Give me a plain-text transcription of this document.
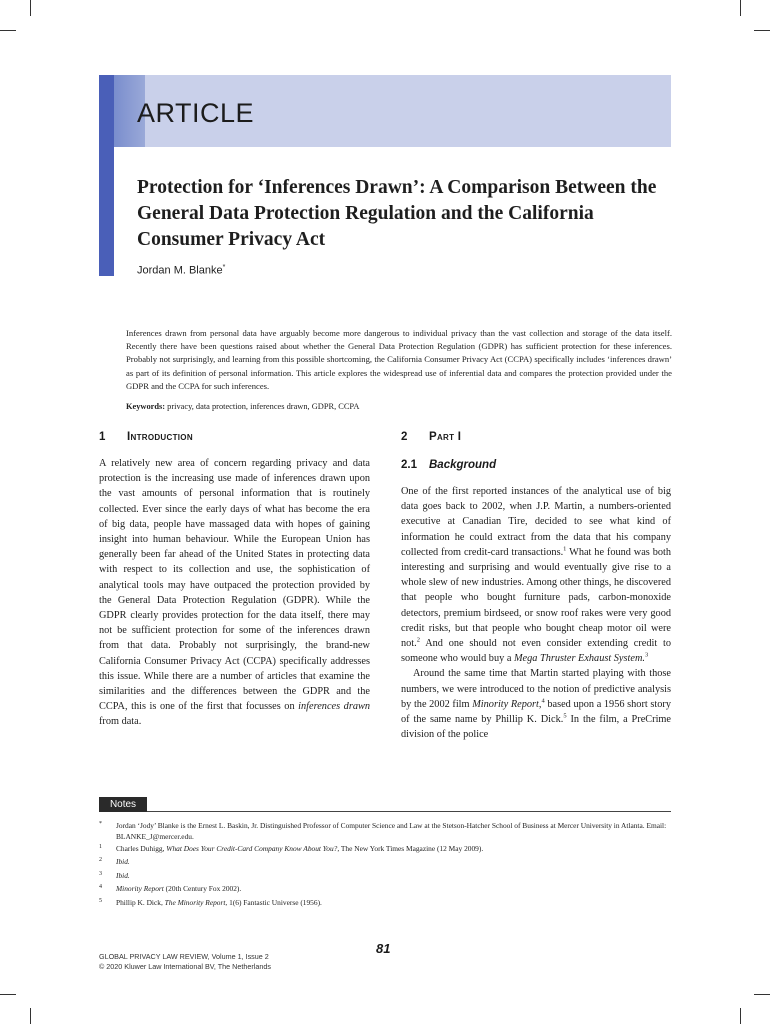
ARTICLE
Protection for ‘Inferences Drawn’: A Comparison Between the General Data Protection Regulation and the California Consumer Privacy Act
Jordan M. Blanke*
Inferences drawn from personal data have arguably become more dangerous to individual privacy than the vast collection and storage of the data itself. Recently there have been questions raised about whether the General Data Protection Regulation (GDPR) has sufficient protection for these inferences. Probably not surprisingly, and learning from this possible shortcoming, the California Consumer Privacy Act (CCPA) specifically includes ‘inferences drawn’ as part of its definition of personal information. This article explores the widespread use of inferential data and compares the protection provided under the GDPR and the CCPA for such inferences.
Keywords: privacy, data protection, inferences drawn, GDPR, CCPA
1 Introduction

A relatively new area of concern regarding privacy and data protection is the increasing use made of inferences drawn upon the vast amounts of personal information that is routinely collected. Ever since the early days of what has become the era of big data, people have massaged data with hopes of gaining insight into human behaviour. While the European Union has generally been far ahead of the United States in protecting data with respect to its collection and use, the sophistication of analytical tools may have outpaced the protection provided by the General Data Protection Regulation (GDPR). While the GDPR clearly provides protection for the data itself, there may not be sufficient protection for some of the inferences drawn from that data. Probably not surprisingly, the brand-new California Consumer Privacy Act (CCPA) specifically addresses this issue. While there are a number of articles that examine the similarities and the differences between the GDPR and the CCPA, this is one of the first that focusses on inferences drawn from data.

2 Part I
2.1 Background

One of the first reported instances of the analytical use of big data goes back to 2002, when J.P. Martin, a numbers-oriented executive at Canadian Tire, decided to see what kind of information he could extract from the data that his company collected from credit-card transactions.$^1$ What he found was both interesting and surprising and would eventually give rise to a whole slew of new industries. Among other things, he discovered that people who bought furniture pads, carbon-monoxide detectors, premium birdseed, or snow roof rakes were very good credit risks, but that people who bought cheap motor oil were not.$^2$ And one should not even consider extending credit to someone who would buy a Mega Thruster Exhaust System.$^3$

Around the same time that Martin started playing with those numbers, we were introduced to the notion of predictive analysis by the 2002 film Minority Report,$^4$ based upon a 1956 short story of the same name by Phillip K. Dick.$^5$ In the film, a PreCrime division of the police

Notes
* Jordan ‘Jody’ Blanke is the Ernest L. Baskin, Jr. Distinguished Professor of Computer Science and Law at the Stetson-Hatcher School of Business at Mercer University in Atlanta. Email: BLANKE_J@mercer.edu.
1 Charles Duhigg, What Does Your Credit-Card Company Know About You?, The New York Times Magazine (12 May 2009).
2 Ibid.
3 Ibid.
4 Minority Report (20th Century Fox 2002).
5 Phillip K. Dick, The Minority Report, 1(6) Fantastic Universe (1956).
81
GLOBAL PRIVACY LAW REVIEW, Volume 1, Issue 2
© 2020 Kluwer Law International BV, The Netherlands
